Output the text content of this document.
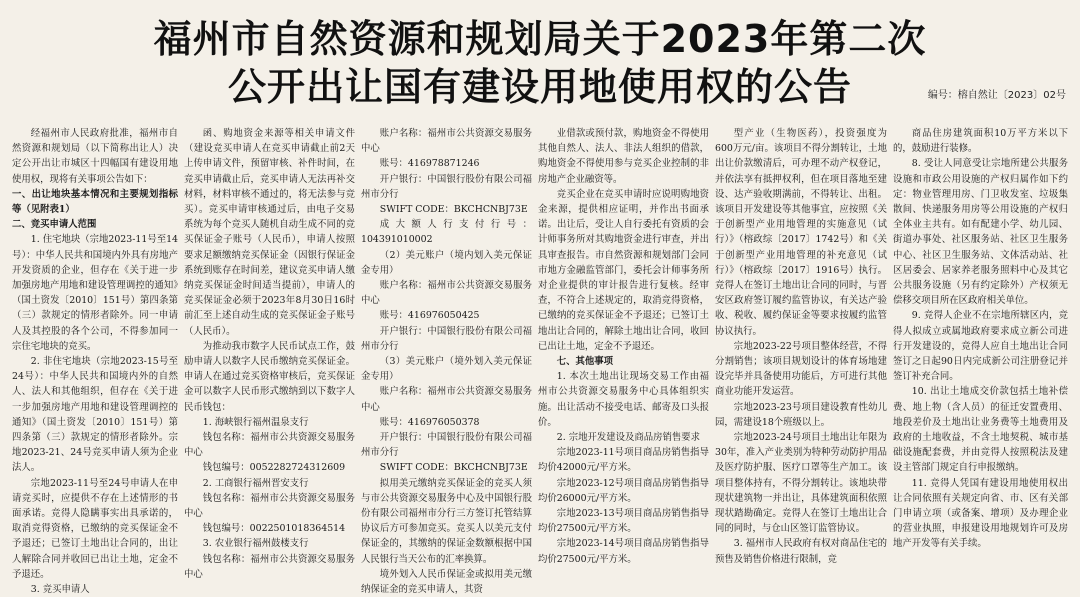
福州市自然资源和规划局关于2023年第二次
公开出让国有建设用地使用权的公告	编号：榕自然让〔2023〕02号

经福州市人民政府批准，福州市自然资源和规划局（以下简称出让人）决定公开出让市城区十四幅国有建设用地使用权，现将有关事项公告如下：

一、出让地块基本情况和主要规划指标等（见附表1）

二、竞买申请人范围

1. 住宅地块（宗地2023-11号至14号）：中华人民共和国境内外具有房地产开发资质的企业，但存在《关于进一步加强房地产用地和建设管理调控的通知》（国土资发〔2010〕151号）第四条第（三）款规定的情形者除外。同一申请人及其控股的各个公司，不得参加同一宗住宅地块的竞买。

2. 非住宅地块（宗地2023-15号至24号）：中华人民共和国境内外的自然人、法人和其他组织，但存在《关于进一步加强房地产用地和建设管理调控的通知》（国土资发〔2010〕151号）第四条第（三）款规定的情形者除外。宗地2023-21、24号竞买申请人须为企业法人。

宗地2023-11号至24号申请人在申请竞买时，应提供不存在上述情形的书面承诺。竞得人隐瞒事实出具承诺的，取消竞得资格，已缴纳的竞买保证金不予退还；已签订土地出让合同的，出让人解除合同并收回已出让土地，定金不予退还。

3. 竞买申请人

函、购地资金来源等相关申请文件（建设竞买申请人在竞买申请截止前2天上传申请文件，预留审核、补件时间，在竞买申请截止后，竞买申请人无法再补交材料，材料审核不通过的，将无法参与竞买）。竞买申请审核通过后，由电子交易系统为每个竞买人随机自动生成不同的竞买保证金子账号（人民币），申请人按照要求足额缴纳竞买保证金（因银行保证金系统到账存在时间差，建议竞买申请人缴纳竞买保证金时间适当提前），申请人的竞买保证金必须于2023年8月30日16时前汇至上述自动生成的竞买保证金子账号（人民币）。

为推动我市数字人民币试点工作，鼓励申请人以数字人民币缴纳竞买保证金。申请人在通过竞买资格审核后，竞买保证金可以数字人民币形式缴纳到以下数字人民币钱包：

1. 海峡银行福州温泉支行

钱包名称：福州市公共资源交易服务中心

钱包编号：0052282724312609

2. 工商银行福州晋安支行

钱包名称：福州市公共资源交易服务中心

钱包编号：0022501018364514

3. 农业银行福州鼓楼支行

钱包名称：福州市公共资源交易服务中心

账户名称：福州市公共资源交易服务中心

账号：416978871246

开户银行：中国银行股份有限公司福州市分行

SWIFT CODE：BKCHCNBJ73E

成大额人行支付行号：104391010002

（2）美元账户（境内划入美元保证金专用）

账户名称：福州市公共资源交易服务中心

账号：416976050425

开户银行：中国银行股份有限公司福州市分行

（3）美元账户（境外划入美元保证金专用）

账户名称：福州市公共资源交易服务中心

账号：416976050378

开户银行：中国银行股份有限公司福州市分行

SWIFT CODE：BKCHCNBJ73E

拟用美元缴纳竞买保证金的竞买人须与市公共资源交易服务中心及中国银行股份有限公司福州市分行三方签订托管结算协议后方可参加竞买。竞买人以美元支付保证金的，其缴纳的保证金数额根据中国人民银行当天公布的汇率换算。

境外划入人民币保证金或拟用美元缴纳保证金的竞买申请人，其资

业借款或预付款，购地资金不得使用其他自然人、法人、非法人组织的借款，购地资金不得使用参与竞买企业控制的非房地产企业融资等。

竞买企业在竞买申请时应说明购地资金来源，提供相应证明，并作出书面承诺。出让后，受让人自行委托有资质的会计师事务所对其购地资金进行审查，并出具审查报告。市自然资源和规划部门会同市地方金融监管部门，委托会计师事务所对企业提供的审计报告进行复核。经审查，不符合上述规定的，取消竞得资格，已缴纳的竞买保证金不予退还；已签订土地出让合同的，解除土地出让合同，收回已出让土地，定金不予退还。

七、其他事项

1. 本次土地出让现场交易工作由福州市公共资源交易服务中心具体组织实施。出让活动不接受电话、邮寄及口头报价。

2. 宗地开发建设及商品房销售要求

宗地2023-11号项目商品房销售指导均价42000元/平方米。

宗地2023-12号项目商品房销售指导均价26000元/平方米。

宗地2023-13号项目商品房销售指导均价27500元/平方米。

宗地2023-14号项目商品房销售指导均价27500元/平方米。

型产业（生物医药），投资强度为600万元/亩。该项目不得分割转让，土地出让价款缴清后，可办理不动产权登记，并依法享有抵押权利，但在项目落地至建设、达产验收期满前，不得转让、出租。该项目开发建设等其他事宜，应按照《关于创新型产业用地管理的实施意见（试行）》（榕政综〔2017〕1742号）和《关于创新型产业用地管理的补充意见（试行）》（榕政综〔2017〕1916号）执行。竞得人在签订土地出让合同的同时，与晋安区政府签订履约监管协议，有关达产验收、税收、履约保证金等要求按履约监管协议执行。

宗地2023-22号项目整体经营，不得分割销售；该项目规划设计的体育场地建设完毕并具备使用功能后，方可进行其他商业功能开发运营。

宗地2023-23号项目建设教育性幼儿园，需建设18个班级以上。

宗地2023-24号项目土地出让年限为30年，准入产业类别为特种劳动防护用品及医疗防护服、医疗口罩等生产加工。该项目整体持有，不得分割转让。该地块带现状建筑物一并出让，具体建筑面积依照现状踏勘确定。竞得人在签订土地出让合同的同时，与仓山区签订监管协议。

3. 福州市人民政府有权对商品住宅的预售及销售价格进行限制，竞

商品住房建筑面积10万平方米以下的，鼓励进行装修。

8. 受让人同意受让宗地所建公共服务设施和市政公用设施的产权归属作如下约定：物业管理用房、门卫收发室、垃圾集散间、快递服务用房等公用设施的产权归全体业主共有。如有配建小学、幼儿园、街道办事处、社区服务站、社区卫生服务中心、社区卫生服务站、文体活动站、社区居委会、居家养老服务照料中心及其它公共服务设施（另有约定除外）产权须无偿移交项目所在区政府相关单位。

9. 竞得人企业不在宗地所辖区内，竞得人拟成立或属地政府要求成立新公司进行开发建设的，竞得人应自土地出让合同签订之日起90日内完成新公司注册登记并签订补充合同。

10. 出让土地成交价款包括土地补偿费、地上物（含人员）的征迁安置费用、地段差价及土地出让业务费等土地费用及政府的土地收益，不含土地契税、城市基础设施配套费，并由竞得人按照税法及建设主管部门规定自行申报缴纳。

11. 竞得人凭国有建设用地使用权出让合同依照有关规定向省、市、区有关部门申请立项（或备案、增项）及办理企业的营业执照，申报建设用地规划许可及房地产开发等有关手续。
